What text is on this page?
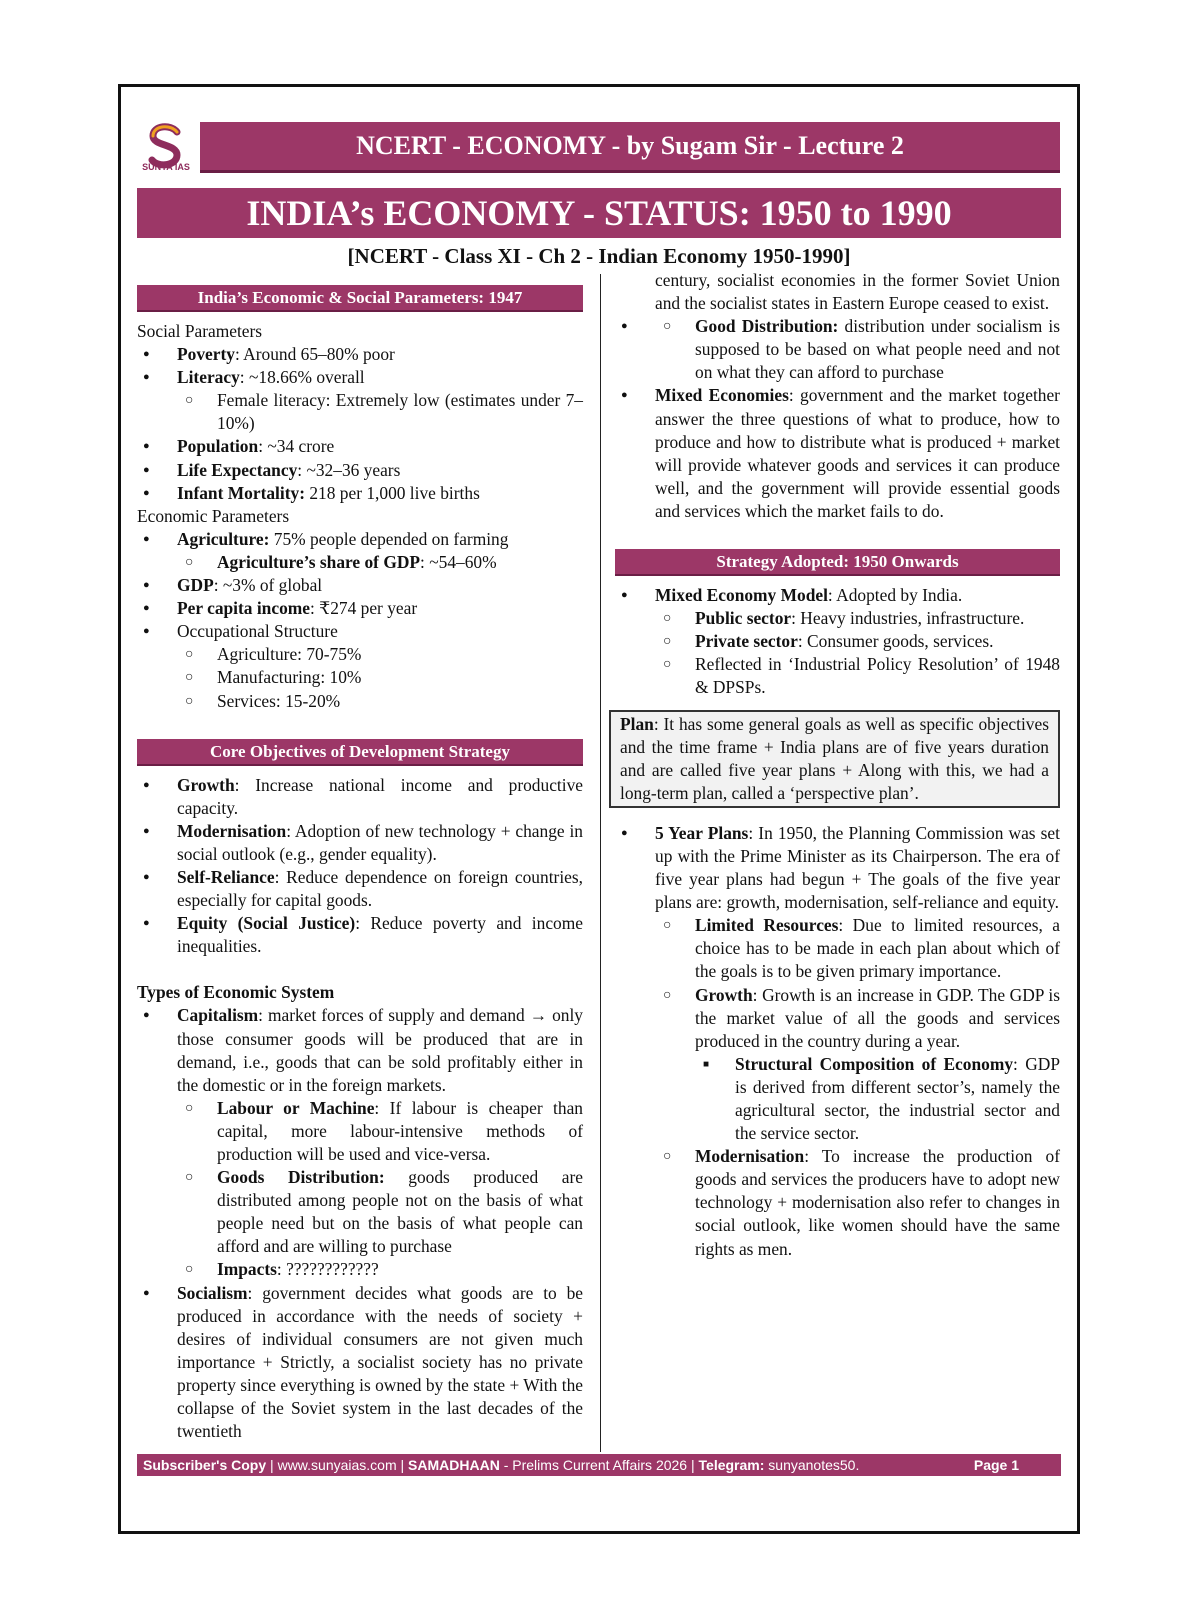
SUNYA IAS
NCERT - ECONOMY - by Sugam Sir - Lecture 2
INDIA’s ECONOMY - STATUS: 1950 to 1990
[NCERT - Class XI - Ch 2 - Indian Economy 1950-1990]
India’s Economic & Social Parameters: 1947

Social Parameters

● Poverty: Around 65–80% poor
● Literacy: ~18.66% overall
○ Female literacy: Extremely low (estimates under 7–10%)
● Population: ~34 crore
● Life Expectancy: ~32–36 years
● Infant Mortality: 218 per 1,000 live births

Economic Parameters

● Agriculture: 75% people depended on farming
○ Agriculture’s share of GDP: ~54–60%
● GDP: ~3% of global
● Per capita income: ₹274 per year
● Occupational Structure
○ Agriculture: 70-75%
○ Manufacturing: 10%
○ Services: 15-20%
Core Objectives of Development Strategy
● Growth: Increase national income and productive capacity.
● Modernisation: Adoption of new technology + change in social outlook (e.g., gender equality).
● Self-Reliance: Reduce dependence on foreign countries, especially for capital goods.
● Equity (Social Justice): Reduce poverty and income inequalities.

Types of Economic System

● Capitalism: market forces of supply and demand → only those consumer goods will be produced that are in demand, i.e., goods that can be sold profitably either in the domestic or in the foreign markets.
○ Labour or Machine: If labour is cheaper than capital, more labour-intensive methods of production will be used and vice-versa.
○ Goods Distribution: goods produced are distributed among people not on the basis of what people need but on the basis of what people can afford and are willing to purchase
○ Impacts: ????????????
● Socialism: government decides what goods are to be produced in accordance with the needs of society + desires of individual consumers are not given much importance + Strictly, a socialist society has no private property since everything is owned by the state + With the collapse of the Soviet system in the last decades of the twentieth

century, socialist economies in the former Soviet Union and the socialist states in Eastern Europe ceased to exist.

○ ● Good Distribution: distribution under socialism is supposed to be based on what people need and not on what they can afford to purchase
● Mixed Economies: government and the market together answer the three questions of what to produce, how to produce and how to distribute what is produced + market will provide whatever goods and services it can produce well, and the government will provide essential goods and services which the market fails to do.
Strategy Adopted: 1950 Onwards
● Mixed Economy Model: Adopted by India.
○ Public sector: Heavy industries, infrastructure.
○ Private sector: Consumer goods, services.
○ Reflected in ‘Industrial Policy Resolution’ of 1948 & DPSPs.
Plan: It has some general goals as well as specific objectives and the time frame + India plans are of five years duration and are called five year plans + Along with this, we had a long-term plan, called a ‘perspective plan’.
● 5 Year Plans: In 1950, the Planning Commission was set up with the Prime Minister as its Chairperson. The era of five year plans had begun + The goals of the five year plans are: growth, modernisation, self-reliance and equity.
○ Limited Resources: Due to limited resources, a choice has to be made in each plan about which of the goals is to be given primary importance.
○ Growth: Growth is an increase in GDP. The GDP is the market value of all the goods and services produced in the country during a year.
■ Structural Composition of Economy: GDP is derived from different sector’s, namely the agricultural sector, the industrial sector and the service sector.
○ Modernisation: To increase the production of goods and services the producers have to adopt new technology + modernisation also refer to changes in social outlook, like women should have the same rights as men.
Subscriber's Copy | www.sunyaias.com | SAMADHAAN - Prelims Current Affairs 2026 | Telegram: sunyanotes50.	Page 1
